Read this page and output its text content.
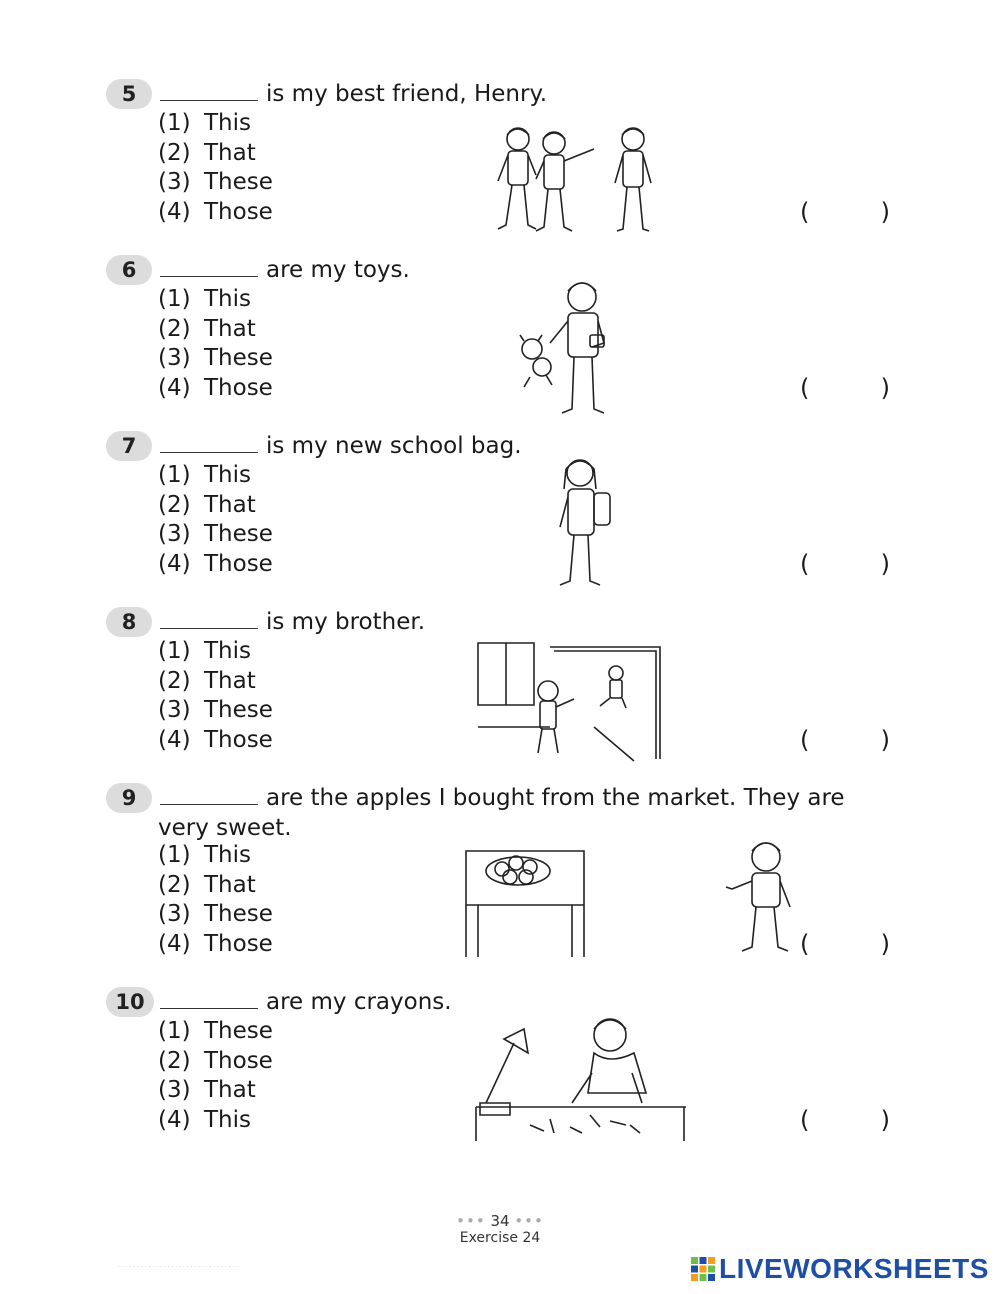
5	is my best friend, Henry.
(1) This
(2) That
(3) These
(4) Those	(	)
6	are my toys.
(1) This
(2) That
(3) These
(4) Those	(	)
7	is my new school bag.
(1) This
(2) That
(3) These
(4) Those	(	)
8	is my brother.
(1) This
(2) That
(3) These
(4) Those	(	)
9	are the apples I bought from the market. They are
very sweet.
(1) This
(2) That
(3) These
(4) Those	(	)
10	are my crayons.
(1) These
(2) Those
(3) That
(4) This	(	)
••• 34 •••
Exercise 24
. . . . . . . . . . . . . . . . . . . . . . . . . . . . . . . .	LIVEWORKSHEETS
